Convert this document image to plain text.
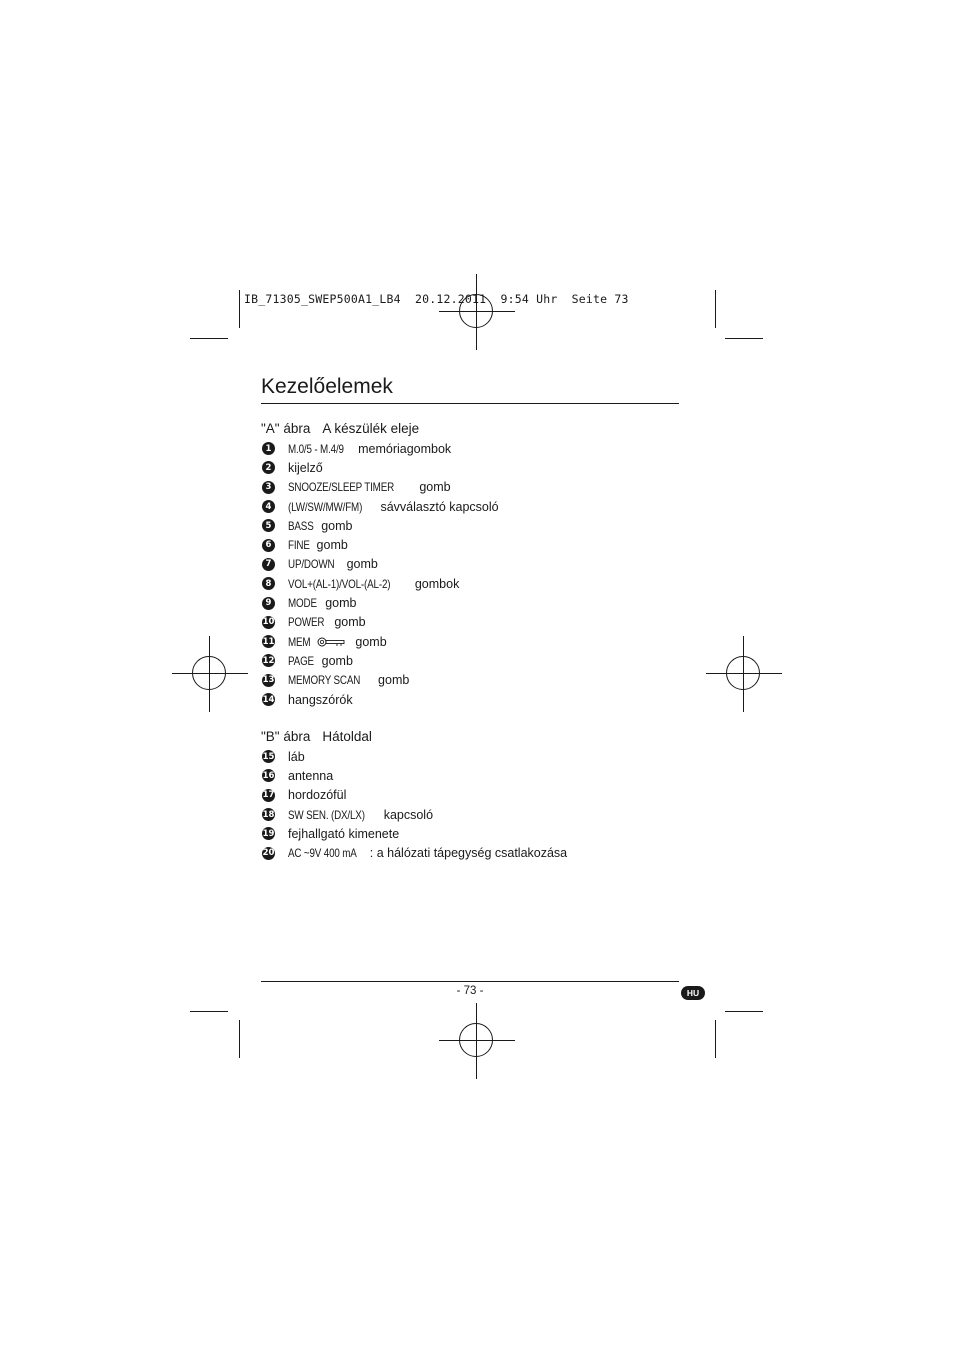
IB_71305_SWEP500A1_LB4  20.12.2011  9:54 Uhr  Seite 73
Kezelőelemek
"A" ábra A készülék eleje
1 M.0/5 - M.4/9 memóriagombok
2 kijelző
3 SNOOZE/SLEEP TIMER gomb
4 (LW/SW/MW/FM) sávválasztó kapcsoló
5 BASS gomb
6 FINE gomb
7 UP/DOWN gomb
8 VOL+(AL-1)/VOL-(AL-2) gombok
9 MODE gomb
10 POWER gomb
11 MEM	gomb
12 PAGE gomb
13 MEMORY SCAN gomb
14 hangszórók
"B" ábra Hátoldal
15 láb
16 antenna
17 hordozófül
18 SW SEN. (DX/LX) kapcsoló
19 fejhallgató kimenete
20 AC ~9V 400 mA : a hálózati tápegység csatlakozása
- 73 -	HU
